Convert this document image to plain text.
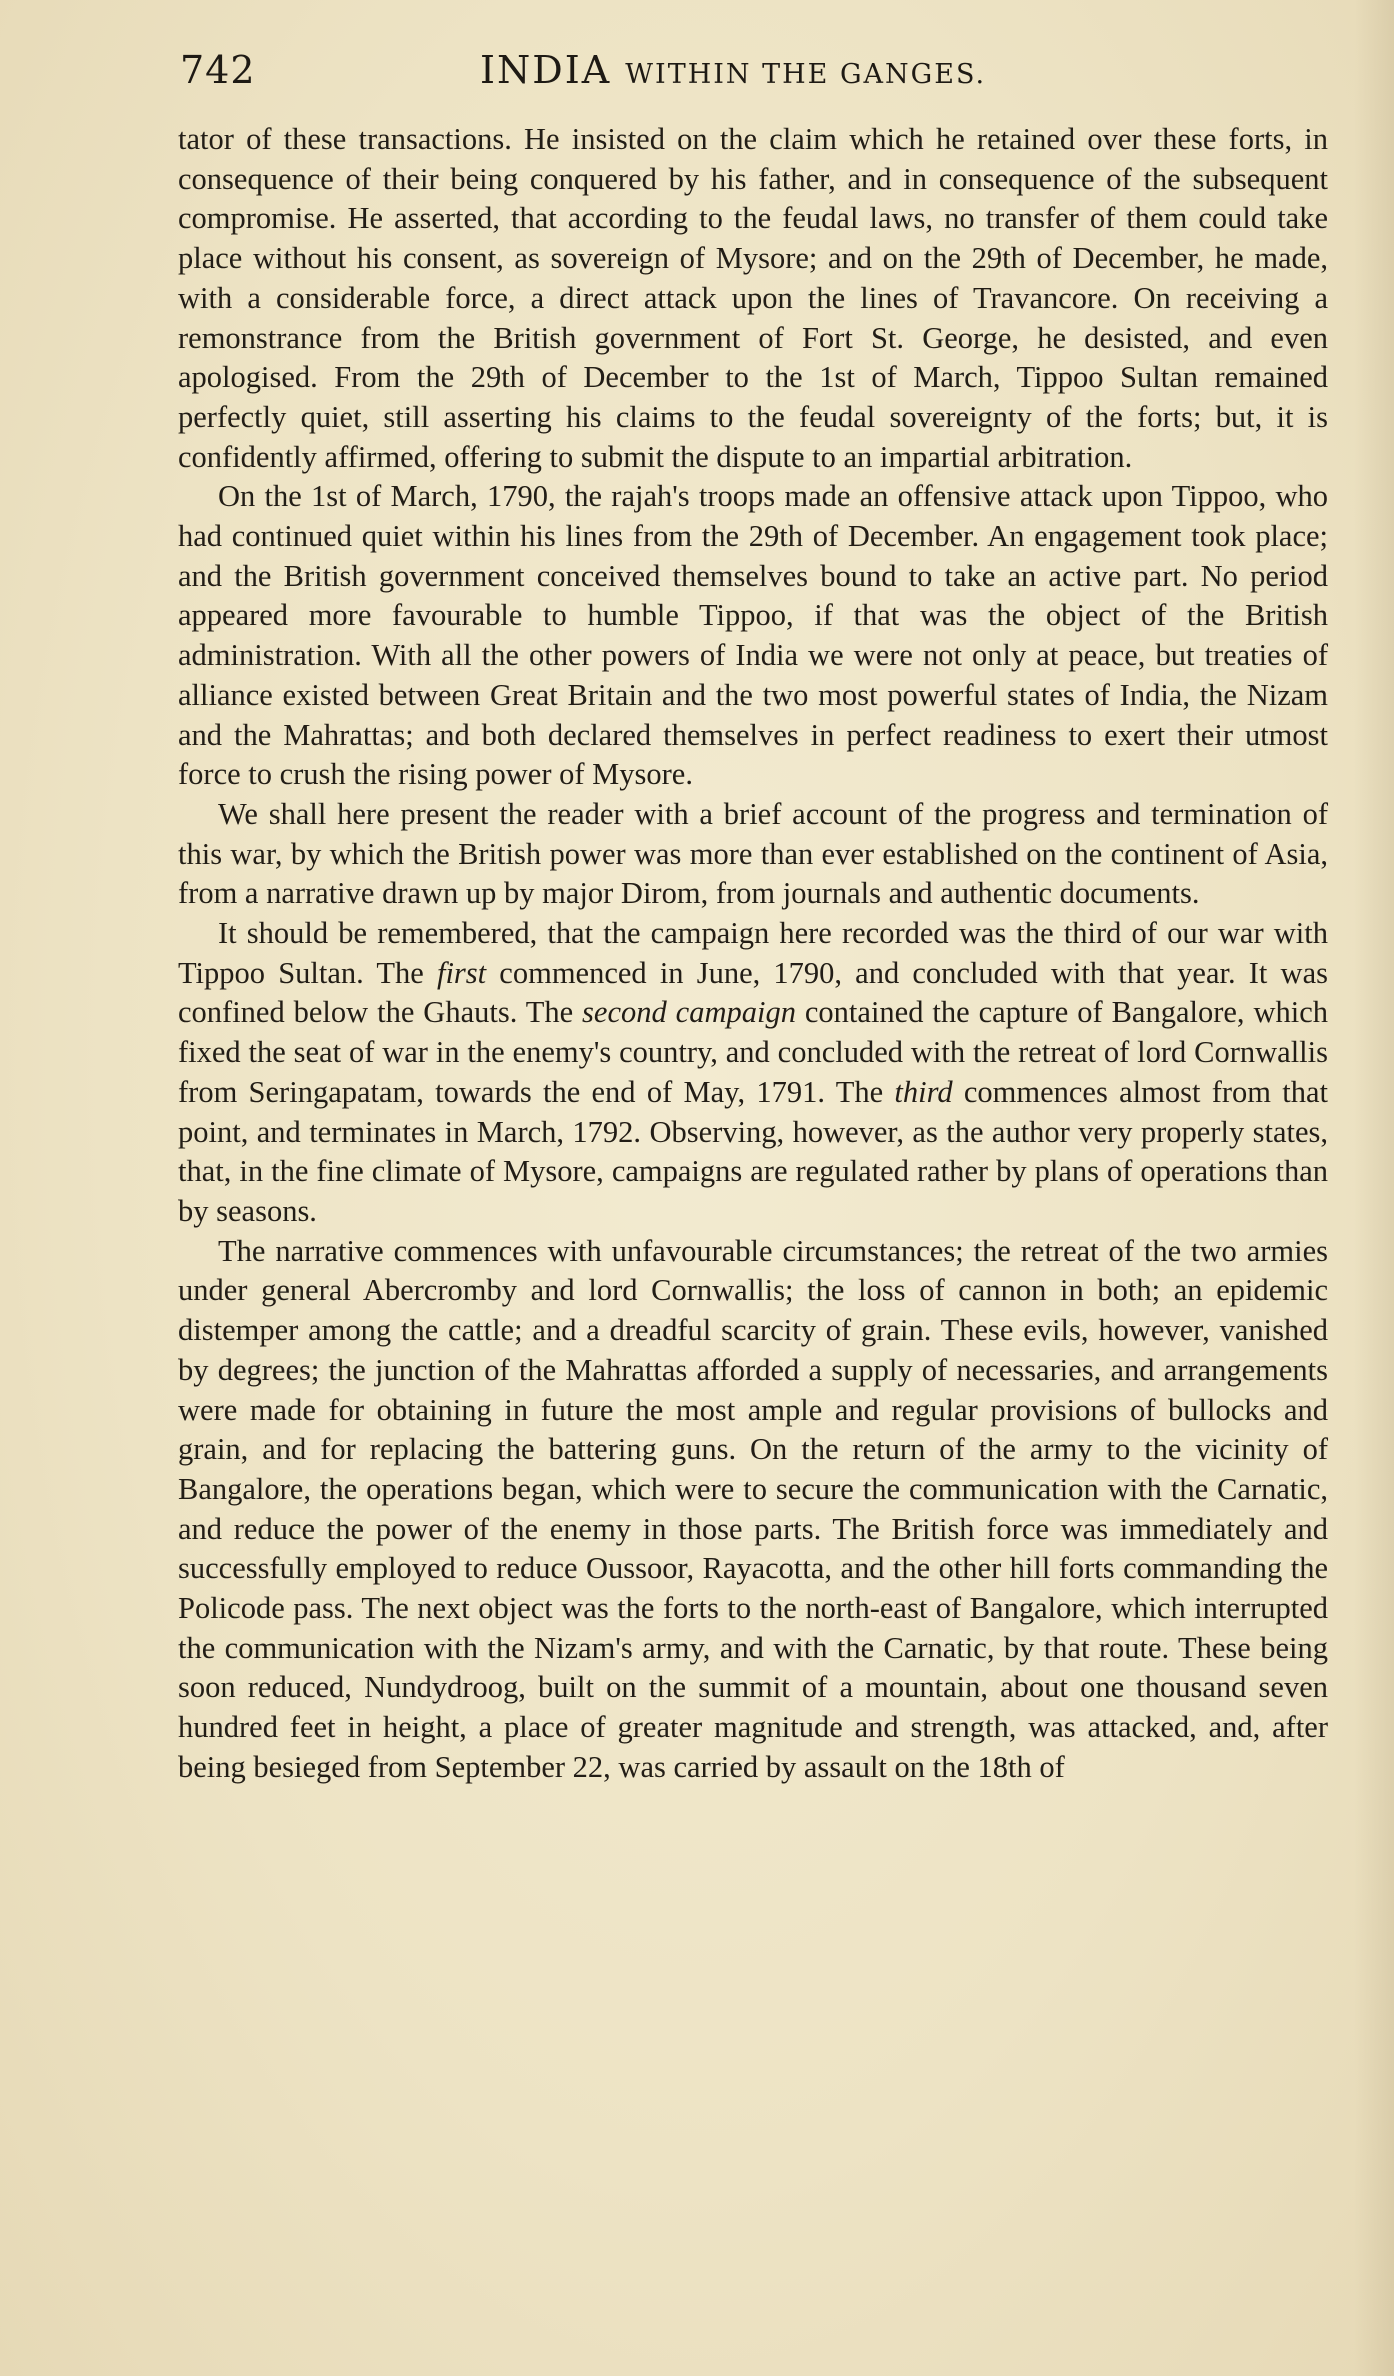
742	INDIA WITHIN THE GANGES.

tator of these transactions. He insisted on the claim which he retained over these forts, in consequence of their being conquered by his father, and in consequence of the subsequent compromise. He asserted, that according to the feudal laws, no transfer of them could take place without his consent, as sovereign of Mysore; and on the 29th of December, he made, with a considerable force, a direct attack upon the lines of Travancore. On receiving a remonstrance from the British government of Fort St. George, he desisted, and even apologised. From the 29th of December to the 1st of March, Tippoo Sultan remained perfectly quiet, still asserting his claims to the feudal sovereignty of the forts; but, it is confidently affirmed, offering to submit the dispute to an impartial arbitration.

On the 1st of March, 1790, the rajah's troops made an offensive attack upon Tippoo, who had continued quiet within his lines from the 29th of December. An engagement took place; and the British government conceived themselves bound to take an active part. No period appeared more favourable to humble Tippoo, if that was the object of the British administration. With all the other powers of India we were not only at peace, but treaties of alliance existed between Great Britain and the two most powerful states of India, the Nizam and the Mahrattas; and both declared themselves in perfect readiness to exert their utmost force to crush the rising power of Mysore.

We shall here present the reader with a brief account of the progress and termination of this war, by which the British power was more than ever established on the continent of Asia, from a narrative drawn up by major Dirom, from journals and authentic documents.

It should be remembered, that the campaign here recorded was the third of our war with Tippoo Sultan. The first commenced in June, 1790, and concluded with that year. It was confined below the Ghauts. The second campaign contained the capture of Bangalore, which fixed the seat of war in the enemy's country, and concluded with the retreat of lord Cornwallis from Seringapatam, towards the end of May, 1791. The third commences almost from that point, and terminates in March, 1792. Observing, however, as the author very properly states, that, in the fine climate of Mysore, campaigns are regulated rather by plans of operations than by seasons.

The narrative commences with unfavourable circumstances; the retreat of the two armies under general Abercromby and lord Cornwallis; the loss of cannon in both; an epidemic distemper among the cattle; and a dreadful scarcity of grain. These evils, however, vanished by degrees; the junction of the Mahrattas afforded a supply of necessaries, and arrangements were made for obtaining in future the most ample and regular provisions of bullocks and grain, and for replacing the battering guns. On the return of the army to the vicinity of Bangalore, the operations began, which were to secure the communication with the Carnatic, and reduce the power of the enemy in those parts. The British force was immediately and successfully employed to reduce Oussoor, Rayacotta, and the other hill forts commanding the Policode pass. The next object was the forts to the north-east of Bangalore, which interrupted the communication with the Nizam's army, and with the Carnatic, by that route. These being soon reduced, Nundydroog, built on the summit of a mountain, about one thousand seven hundred feet in height, a place of greater magnitude and strength, was attacked, and, after being besieged from September 22, was carried by assault on the 18th of
